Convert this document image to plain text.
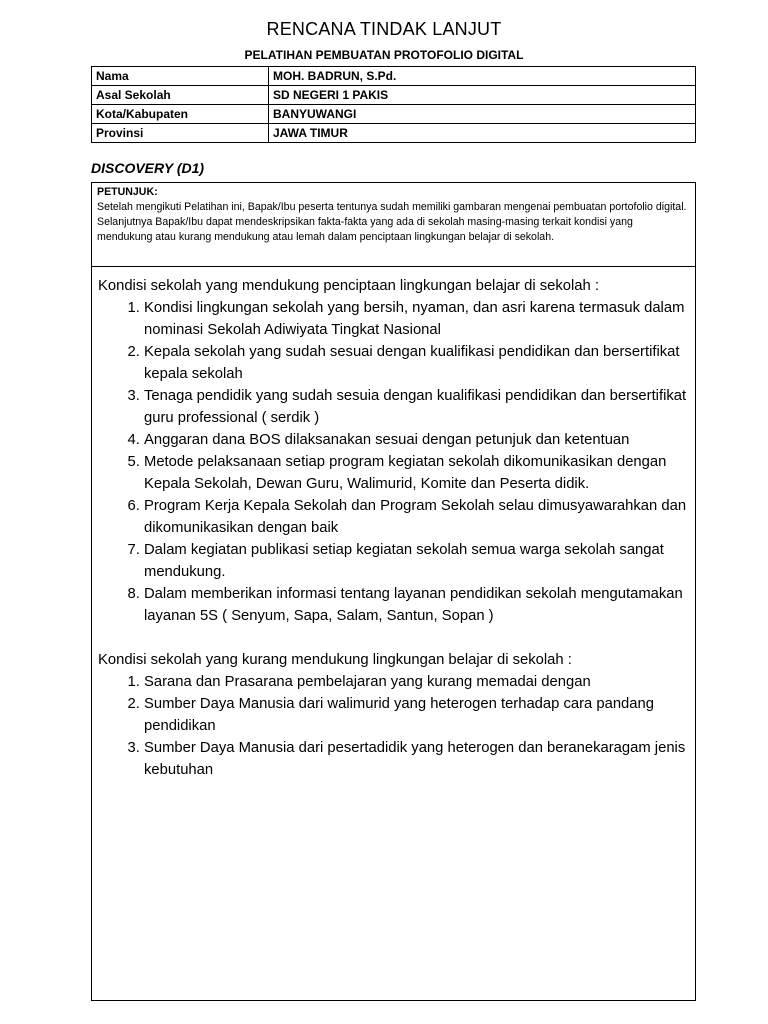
RENCANA TINDAK LANJUT
PELATIHAN PEMBUATAN PROTOFOLIO DIGITAL
Nama	MOH. BADRUN, S.Pd.
Asal Sekolah	SD NEGERI 1 PAKIS
Kota/Kabupaten	BANYUWANGI
Provinsi	JAWA TIMUR
DISCOVERY (D1)
PETUNJUK:
Setelah mengikuti Pelatihan ini, Bapak/Ibu peserta tentunya sudah memiliki gambaran mengenai pembuatan portofolio digital. Selanjutnya Bapak/Ibu dapat mendeskripsikan fakta-fakta yang ada di sekolah masing-masing terkait kondisi yang mendukung atau kurang mendukung atau lemah dalam penciptaan lingkungan belajar di sekolah.

Kondisi sekolah yang mendukung penciptaan lingkungan belajar di sekolah :

1. Kondisi lingkungan sekolah yang bersih, nyaman, dan asri karena termasuk dalam nominasi Sekolah Adiwiyata Tingkat Nasional
2. Kepala sekolah yang sudah sesuai dengan kualifikasi pendidikan dan bersertifikat kepala sekolah
3. Tenaga pendidik yang sudah sesuia dengan kualifikasi pendidikan dan bersertifikat guru professional ( serdik )
4. Anggaran dana BOS dilaksanakan sesuai dengan petunjuk dan ketentuan
5. Metode pelaksanaan setiap program kegiatan sekolah dikomunikasikan dengan Kepala Sekolah, Dewan Guru, Walimurid, Komite dan Peserta didik.
6. Program Kerja Kepala Sekolah dan Program Sekolah selau dimusyawarahkan dan dikomunikasikan dengan baik
7. Dalam kegiatan publikasi setiap kegiatan sekolah semua warga sekolah sangat mendukung.
8. Dalam memberikan informasi tentang layanan pendidikan sekolah mengutamakan layanan 5S ( Senyum, Sapa, Salam, Santun, Sopan )

Kondisi sekolah yang kurang mendukung lingkungan belajar di sekolah :

1. Sarana dan Prasarana pembelajaran yang kurang memadai dengan
2. Sumber Daya Manusia dari walimurid yang heterogen terhadap cara pandang pendidikan
3. Sumber Daya Manusia dari pesertadidik yang heterogen dan beranekaragam jenis kebutuhan
